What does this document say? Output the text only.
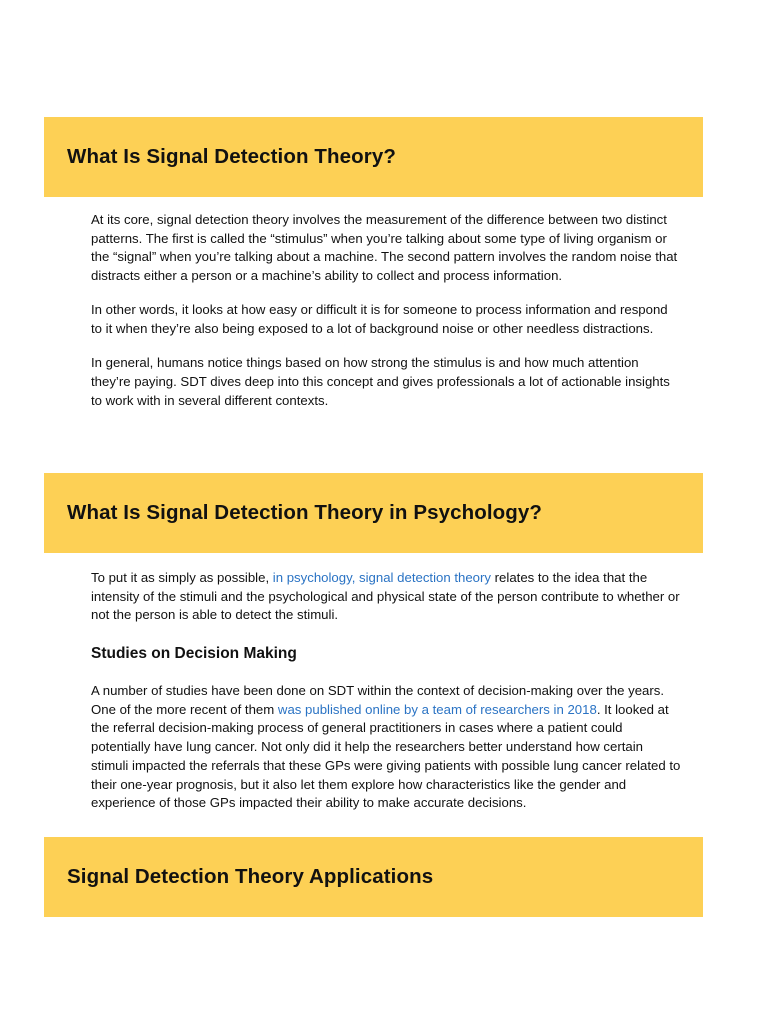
What Is Signal Detection Theory?

At its core, signal detection theory involves the measurement of the difference between two distinct patterns. The first is called the “stimulus” when you’re talking about some type of living organism or the “signal” when you’re talking about a machine. The second pattern involves the random noise that distracts either a person or a machine’s ability to collect and process information.

In other words, it looks at how easy or difficult it is for someone to process information and respond to it when they’re also being exposed to a lot of background noise or other needless distractions.

In general, humans notice things based on how strong the stimulus is and how much attention they’re paying. SDT dives deep into this concept and gives professionals a lot of actionable insights to work with in several different contexts.

What Is Signal Detection Theory in Psychology?

To put it as simply as possible, in psychology, signal detection theory relates to the idea that the intensity of the stimuli and the psychological and physical state of the person contribute to whether or not the person is able to detect the stimuli.

Studies on Decision Making

A number of studies have been done on SDT within the context of decision-making over the years. One of the more recent of them was published online by a team of researchers in 2018. It looked at the referral decision-making process of general practitioners in cases where a patient could potentially have lung cancer. Not only did it help the researchers better understand how certain stimuli impacted the referrals that these GPs were giving patients with possible lung cancer related to their one-year prognosis, but it also let them explore how characteristics like the gender and experience of those GPs impacted their ability to make accurate decisions.

Signal Detection Theory Applications
